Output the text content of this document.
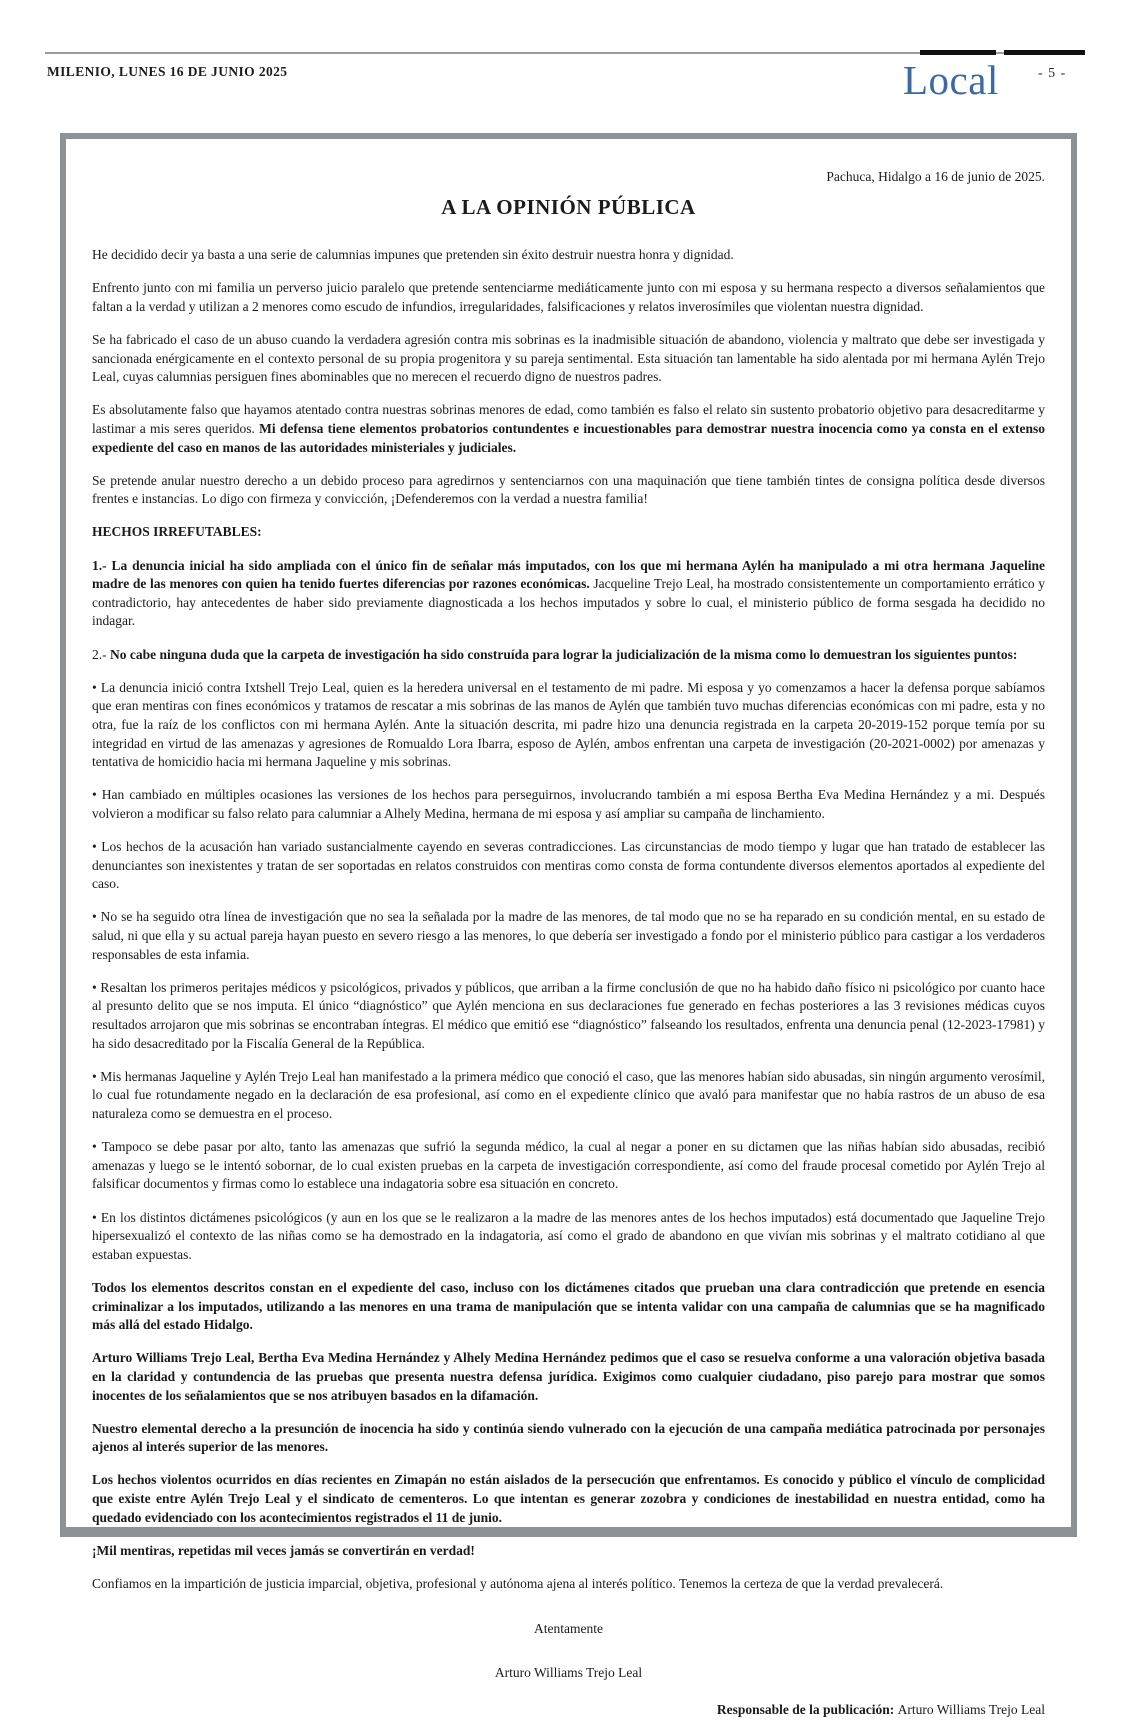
MILENIO, LUNES 16 DE JUNIO 2025	Local	- 5 -

Pachuca, Hidalgo a 16 de junio de 2025.

A LA OPINIÓN PÚBLICA

He decidido decir ya basta a una serie de calumnias impunes que pretenden sin éxito destruir nuestra honra y dignidad.

Enfrento junto con mi familia un perverso juicio paralelo que pretende sentenciarme mediáticamente junto con mi esposa y su hermana respecto a diversos señalamientos que faltan a la verdad y utilizan a 2 menores como escudo de infundios, irregularidades, falsificaciones y relatos inverosímiles que violentan nuestra dignidad.

Se ha fabricado el caso de un abuso cuando la verdadera agresión contra mis sobrinas es la inadmisible situación de abandono, violencia y maltrato que debe ser investigada y sancionada enérgicamente en el contexto personal de su propia progenitora y su pareja sentimental. Esta situación tan lamentable ha sido alentada por mi hermana Aylén Trejo Leal, cuyas calumnias persiguen fines abominables que no merecen el recuerdo digno de nuestros padres.

Es absolutamente falso que hayamos atentado contra nuestras sobrinas menores de edad, como también es falso el relato sin sustento probatorio objetivo para desacreditarme y lastimar a mis seres queridos. Mi defensa tiene elementos probatorios contundentes e incuestionables para demostrar nuestra inocencia como ya consta en el extenso expediente del caso en manos de las autoridades ministeriales y judiciales.

Se pretende anular nuestro derecho a un debido proceso para agredirnos y sentenciarnos con una maquinación que tiene también tintes de consigna política desde diversos frentes e instancias. Lo digo con firmeza y convicción, ¡Defenderemos con la verdad a nuestra familia!

HECHOS IRREFUTABLES:

1.- La denuncia inicial ha sido ampliada con el único fin de señalar más imputados, con los que mi hermana Aylén ha manipulado a mi otra hermana Jaqueline madre de las menores con quien ha tenido fuertes diferencias por razones económicas. Jacqueline Trejo Leal, ha mostrado consistentemente un comportamiento errático y contradictorio, hay antecedentes de haber sido previamente diagnosticada a los hechos imputados y sobre lo cual, el ministerio público de forma sesgada ha decidido no indagar.

2.- No cabe ninguna duda que la carpeta de investigación ha sido construída para lograr la judicialización de la misma como lo demuestran los siguientes puntos:

• La denuncia inició contra Ixtshell Trejo Leal, quien es la heredera universal en el testamento de mi padre. Mi esposa y yo comenzamos a hacer la defensa porque sabíamos que eran mentiras con fines económicos y tratamos de rescatar a mis sobrinas de las manos de Aylén que también tuvo muchas diferencias económicas con mi padre, esta y no otra, fue la raíz de los conflictos con mi hermana Aylén. Ante la situación descrita, mi padre hizo una denuncia registrada en la carpeta 20-2019-152 porque temía por su integridad en virtud de las amenazas y agresiones de Romualdo Lora Ibarra, esposo de Aylén, ambos enfrentan una carpeta de investigación (20-2021-0002) por amenazas y tentativa de homicidio hacia mi hermana Jaqueline y mis sobrinas.

• Han cambiado en múltiples ocasiones las versiones de los hechos para perseguirnos, involucrando también a mi esposa Bertha Eva Medina Hernández y a mi. Después volvieron a modificar su falso relato para calumniar a Alhely Medina, hermana de mi esposa y así ampliar su campaña de linchamiento.

• Los hechos de la acusación han variado sustancialmente cayendo en severas contradicciones. Las circunstancias de modo tiempo y lugar que han tratado de establecer las denunciantes son inexistentes y tratan de ser soportadas en relatos construidos con mentiras como consta de forma contundente diversos elementos aportados al expediente del caso.

• No se ha seguido otra línea de investigación que no sea la señalada por la madre de las menores, de tal modo que no se ha reparado en su condición mental, en su estado de salud, ni que ella y su actual pareja hayan puesto en severo riesgo a las menores, lo que debería ser investigado a fondo por el ministerio público para castigar a los verdaderos responsables de esta infamia.

• Resaltan los primeros peritajes médicos y psicológicos, privados y públicos, que arriban a la firme conclusión de que no ha habido daño físico ni psicológico por cuanto hace al presunto delito que se nos imputa. El único “diagnóstico” que Aylén menciona en sus declaraciones fue generado en fechas posteriores a las 3 revisiones médicas cuyos resultados arrojaron que mis sobrinas se encontraban íntegras. El médico que emitió ese “diagnóstico” falseando los resultados, enfrenta una denuncia penal (12-2023-17981) y ha sido desacreditado por la Fiscalía General de la República.

• Mis hermanas Jaqueline y Aylén Trejo Leal han manifestado a la primera médico que conoció el caso, que las menores habían sido abusadas, sin ningún argumento verosímil, lo cual fue rotundamente negado en la declaración de esa profesional, así como en el expediente clínico que avaló para manifestar que no había rastros de un abuso de esa naturaleza como se demuestra en el proceso.

• Tampoco se debe pasar por alto, tanto las amenazas que sufrió la segunda médico, la cual al negar a poner en su dictamen que las niñas habían sido abusadas, recibió amenazas y luego se le intentó sobornar, de lo cual existen pruebas en la carpeta de investigación correspondiente, así como del fraude procesal cometido por Aylén Trejo al falsificar documentos y firmas como lo establece una indagatoria sobre esa situación en concreto.

• En los distintos dictámenes psicológicos (y aun en los que se le realizaron a la madre de las menores antes de los hechos imputados) está documentado que Jaqueline Trejo hipersexualizó el contexto de las niñas como se ha demostrado en la indagatoria, así como el grado de abandono en que vivían mis sobrinas y el maltrato cotidiano al que estaban expuestas.

Todos los elementos descritos constan en el expediente del caso, incluso con los dictámenes citados que prueban una clara contradicción que pretende en esencia criminalizar a los imputados, utilizando a las menores en una trama de manipulación que se intenta validar con una campaña de calumnias que se ha magnificado más allá del estado Hidalgo.

Arturo Williams Trejo Leal, Bertha Eva Medina Hernández y Alhely Medina Hernández pedimos que el caso se resuelva conforme a una valoración objetiva basada en la claridad y contundencia de las pruebas que presenta nuestra defensa jurídica. Exigimos como cualquier ciudadano, piso parejo para mostrar que somos inocentes de los señalamientos que se nos atribuyen basados en la difamación.

Nuestro elemental derecho a la presunción de inocencia ha sido y continúa siendo vulnerado con la ejecución de una campaña mediática patrocinada por personajes ajenos al interés superior de las menores.

Los hechos violentos ocurridos en días recientes en Zimapán no están aislados de la persecución que enfrentamos. Es conocido y público el vínculo de complicidad que existe entre Aylén Trejo Leal y el sindicato de cementeros. Lo que intentan es generar zozobra y condiciones de inestabilidad en nuestra entidad, como ha quedado evidenciado con los acontecimientos registrados el 11 de junio.

¡Mil mentiras, repetidas mil veces jamás se convertirán en verdad!

Confiamos en la impartición de justicia imparcial, objetiva, profesional y autónoma ajena al interés político. Tenemos la certeza de que la verdad prevalecerá.

Atentamente

Arturo Williams Trejo Leal

Responsable de la publicación: Arturo Williams Trejo Leal
